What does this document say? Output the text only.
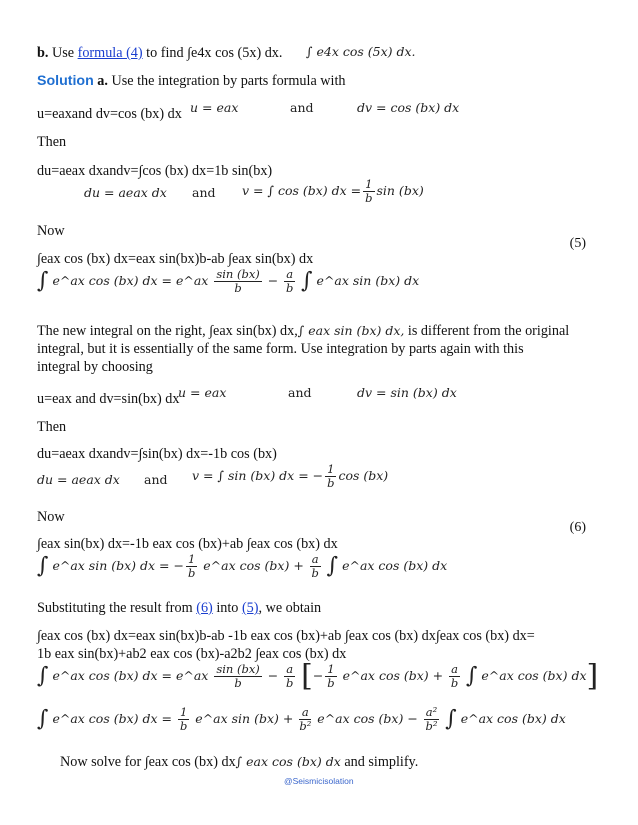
b. Use formula (4) to find ∫e4x cos (5x) dx. ∫ e4x cos (5x) dx.
Solution a. Use the integration by parts formula with
u=eaxand dv=cos (bx) dx u = eax	and	dv = cos (bx) dx
Then
du=aeax dxandv=∫cos (bx) dx=1b sin(bx)
du = aeax dx and v = ∫ cos (bx) dx = $\frac{1}{b}$ sin (bx)
Now
(5)
∫eax cos (bx) dx=eax sin(bx)b-ab ∫eax sin(bx) dx
∫ e^ax cos (bx) dx = e^ax $\frac{\sin (bx)}{b} - \frac{a}{b}$ ∫ e^ax sin (bx) dx
The new integral on the right, ∫eax sin(bx) dx,∫ eax sin (bx) dx, is different from the original
integral, but it is essentially of the same form. Use integration by parts again with this
integral by choosing
u=eax and dv=sin(bx) dx
u = eax	and	dv = sin (bx) dx
Then
du=aeax dxandv=∫sin(bx) dx=-1b cos (bx)
du = aeax dx and v = ∫ sin (bx) dx = − $\frac{1}{b}$ cos (bx)
Now
(6)
∫eax sin(bx) dx=-1b eax cos (bx)+ab ∫eax cos (bx) dx
∫ e^ax sin (bx) dx = − $\frac{1}{b}$ e^ax $\cos (bx) + \frac{a}{b}$ ∫ e^ax cos (bx) dx
Substituting the result from (6) into (5), we obtain
∫eax cos (bx) dx=eax sin(bx)b-ab -1b eax cos (bx)+ab ∫eax cos (bx) dx∫eax cos (bx) dx=
1b eax sin(bx)+ab2 eax cos (bx)-a2b2 ∫eax cos (bx) dx
∫ e^ax cos (bx) dx = e^ax $\frac{\sin (bx)}{b} - \frac{a}{b}$ [− $\frac{1}{b}$ e^ax $\cos (bx) + \frac{a}{b}$ ∫ e^ax cos (bx) dx]
∫ e^ax cos (bx) dx = $\frac{1}{b}$ e^ax $\sin (bx) + \frac{a}{\text{b²}}$ e^ax $\cos (bx) - \frac{\text{a²}}{\text{b²}}$ ∫ e^ax cos (bx) dx
Now solve for ∫eax cos (bx) dx∫ eax cos (bx) dx and simplify.
@Seismicisolation
